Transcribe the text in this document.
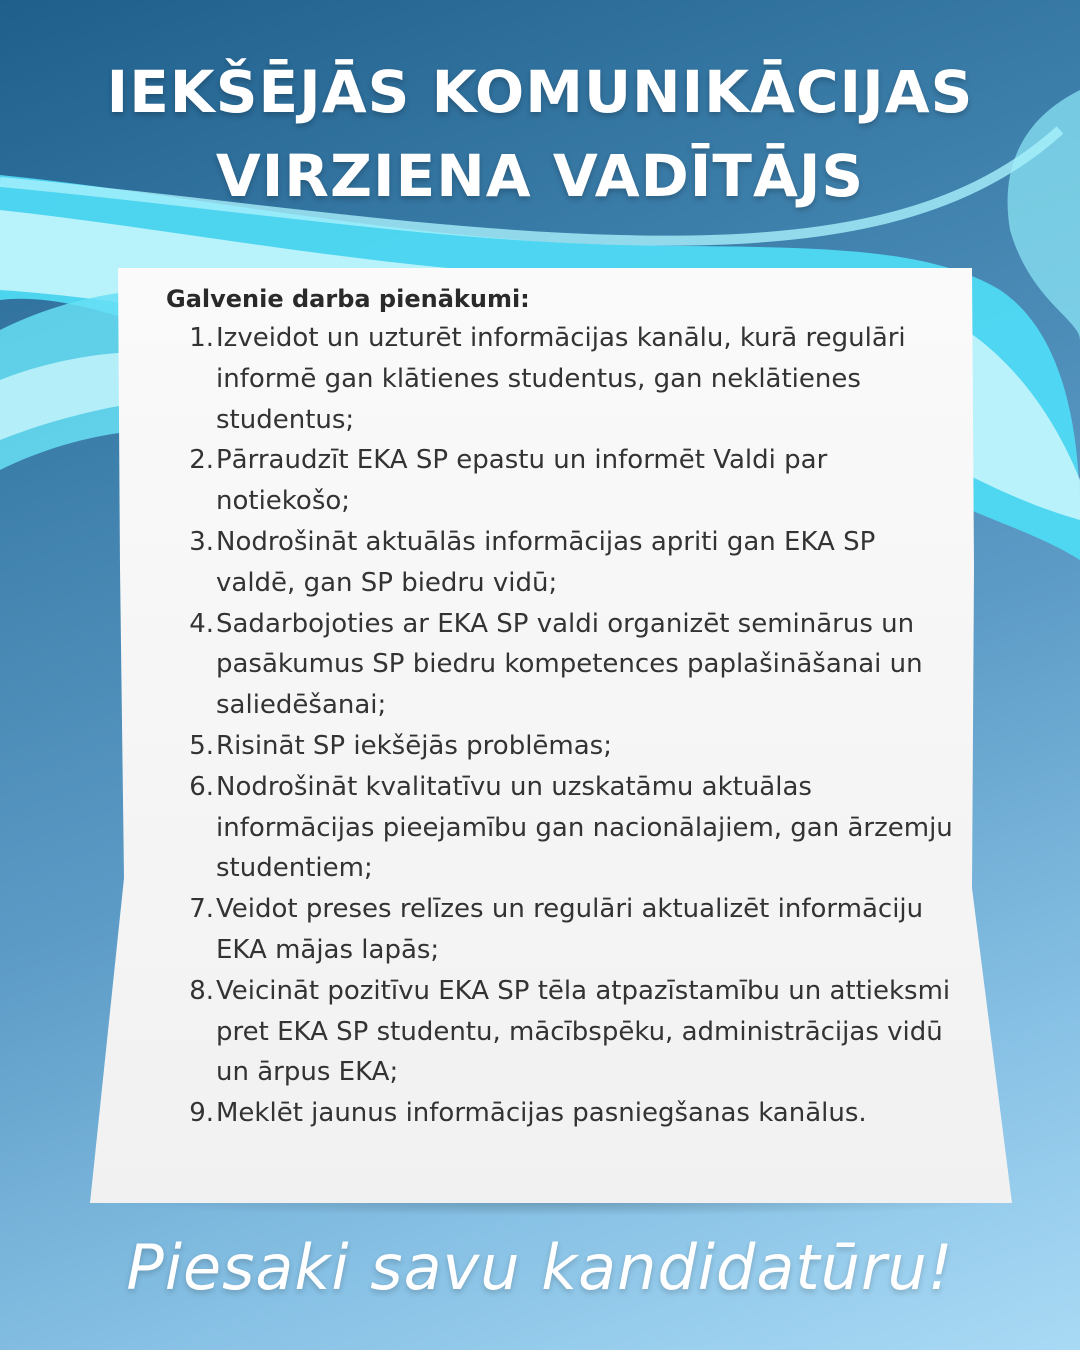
IEKŠĒJĀS KOMUNIKĀCIJAS
VIRZIENA VADĪTĀJS
Galvenie darba pienākumi:
1. Izveidot un uzturēt informācijas kanālu, kurā regulāri informē gan klātienes studentus, gan neklātienes studentus;
2. Pārraudzīt EKA SP epastu un informēt Valdi par notiekošo;
3. Nodrošināt aktuālās informācijas apriti gan EKA SP valdē, gan SP biedru vidū;
4. Sadarbojoties ar EKA SP valdi organizēt seminārus un pasākumus SP biedru kompetences paplašināšanai un saliedēšanai;
5. Risināt SP iekšējās problēmas;
6. Nodrošināt kvalitatīvu un uzskatāmu aktuālas informācijas pieejamību gan nacionālajiem, gan ārzemju studentiem;
7. Veidot preses relīzes un regulāri aktualizēt informāciju EKA mājas lapās;
8. Veicināt pozitīvu EKA SP tēla atpazīstamību un attieksmi pret EKA SP studentu, mācībspēku, administrācijas vidū un ārpus EKA;
9. Meklēt jaunus informācijas pasniegšanas kanālus.

Piesaki savu kandidatūru!
